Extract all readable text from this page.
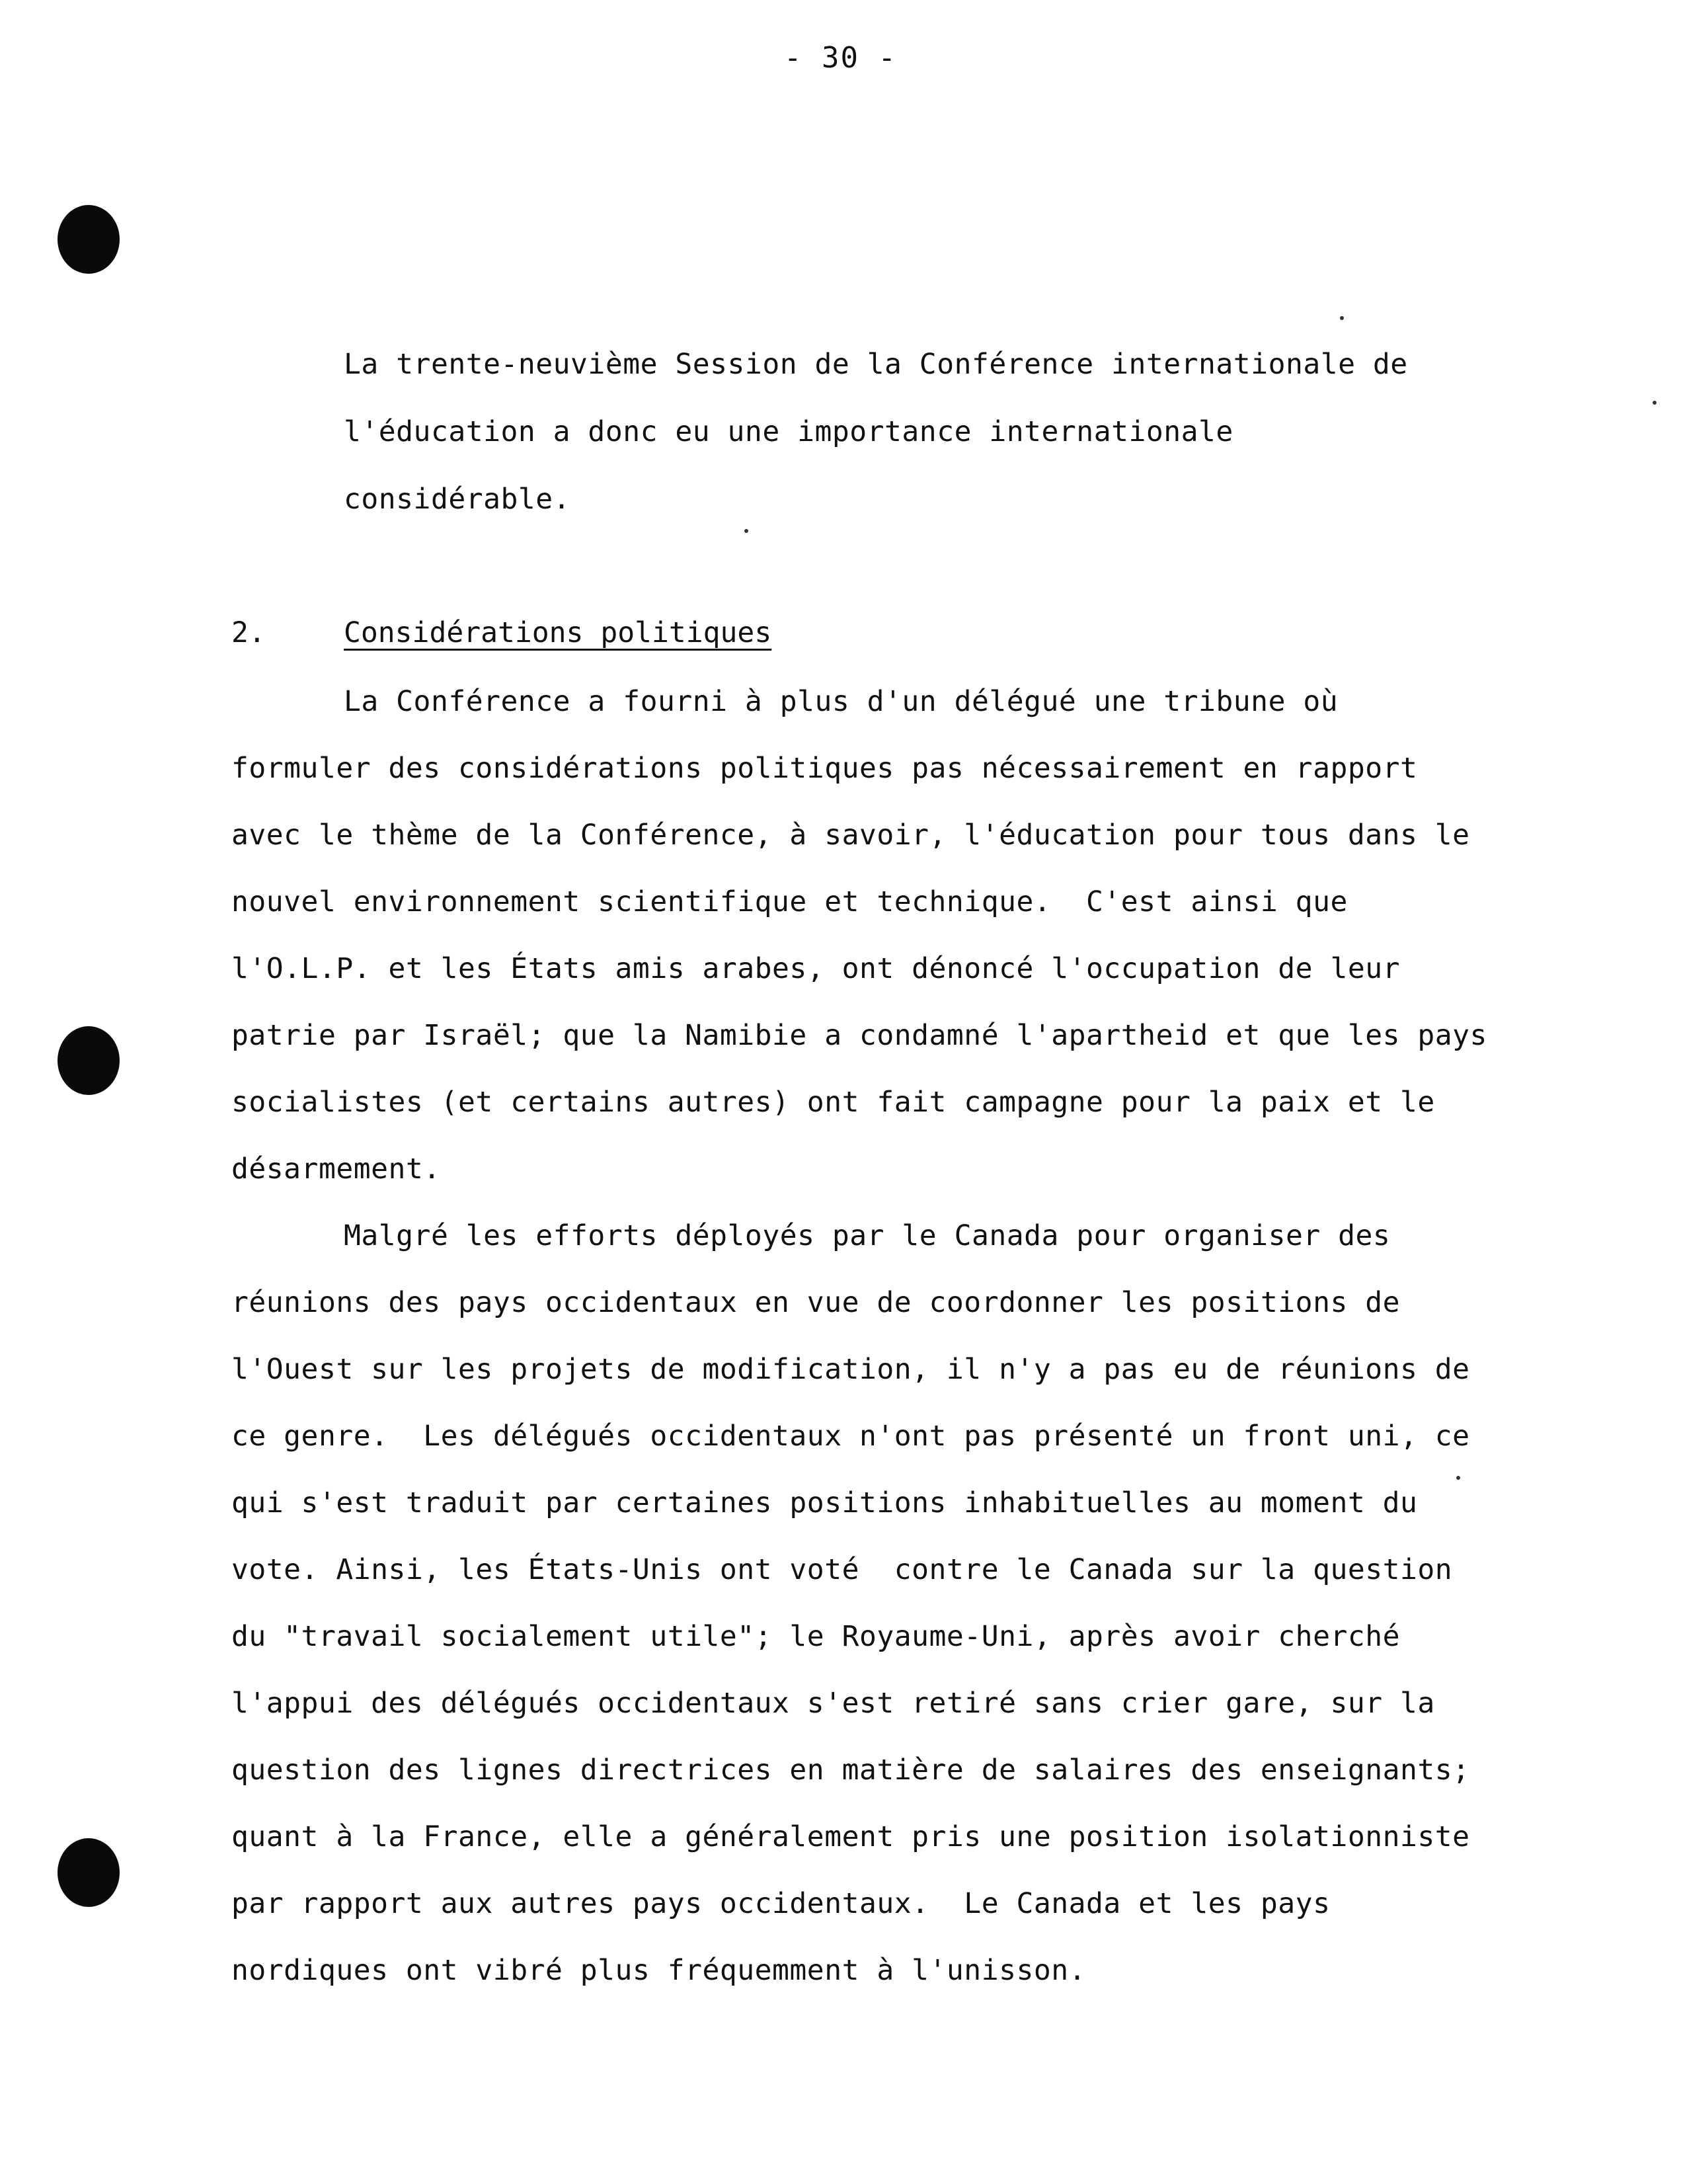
- 30 -
La trente-neuvième Session de la Conférence internationale de
l'éducation a donc eu une importance internationale
considérable.
2.	Considérations politiques
La Conférence a fourni à plus d'un délégué une tribune où
formuler des considérations politiques pas nécessairement en rapport
avec le thème de la Conférence, à savoir, l'éducation pour tous dans le
nouvel environnement scientifique et technique.  C'est ainsi que
l'O.L.P. et les États amis arabes, ont dénoncé l'occupation de leur
patrie par Israël; que la Namibie a condamné l'apartheid et que les pays
socialistes (et certains autres) ont fait campagne pour la paix et le
désarmement.
Malgré les efforts déployés par le Canada pour organiser des
réunions des pays occidentaux en vue de coordonner les positions de
l'Ouest sur les projets de modification, il n'y a pas eu de réunions de
ce genre.  Les délégués occidentaux n'ont pas présenté un front uni, ce
qui s'est traduit par certaines positions inhabituelles au moment du
vote. Ainsi, les États-Unis ont voté  contre le Canada sur la question
du "travail socialement utile"; le Royaume-Uni, après avoir cherché
l'appui des délégués occidentaux s'est retiré sans crier gare, sur la
question des lignes directrices en matière de salaires des enseignants;
quant à la France, elle a généralement pris une position isolationniste
par rapport aux autres pays occidentaux.  Le Canada et les pays
nordiques ont vibré plus fréquemment à l'unisson.
